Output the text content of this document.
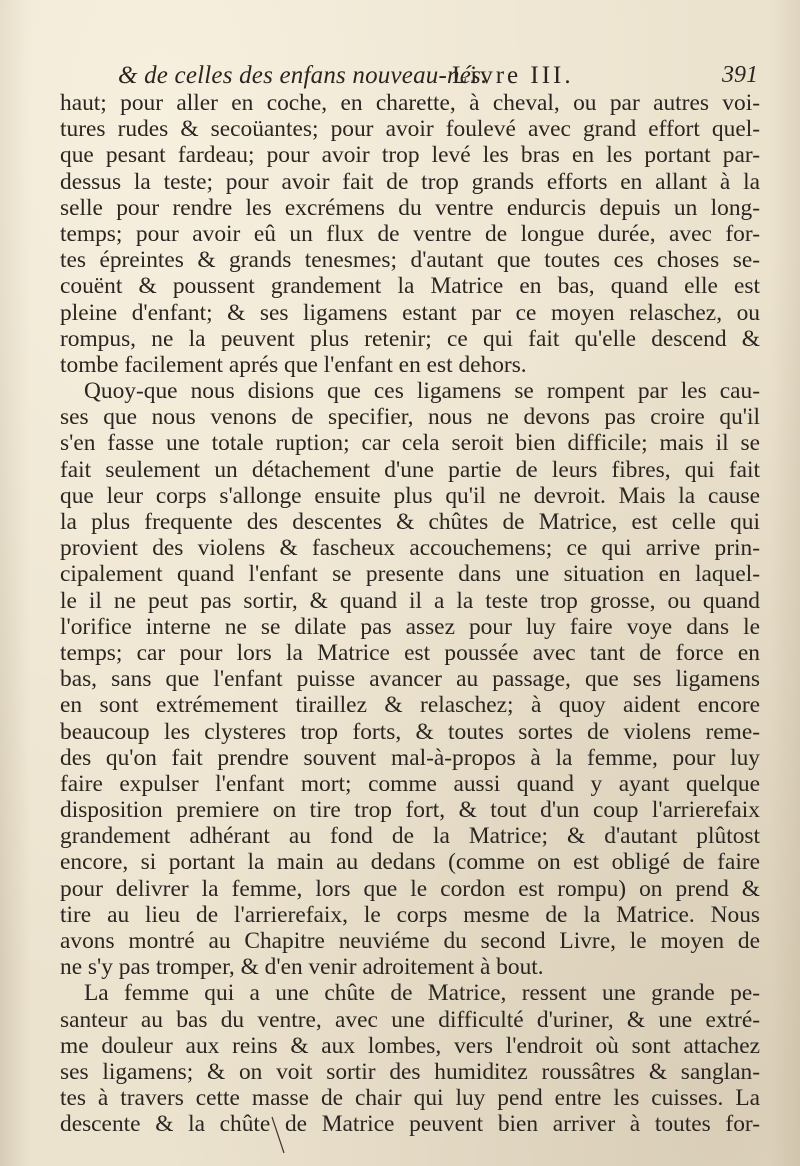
& de celles des enfans nouveau-nés.
Livre III.	391
haut; pour aller en coche, en charette, à cheval, ou par autres voi-
tures rudes & secoüantes; pour avoir foulevé avec grand effort quel-
que pesant fardeau; pour avoir trop levé les bras en les portant par-
dessus la teste; pour avoir fait de trop grands efforts en allant à la
selle pour rendre les excrémens du ventre endurcis depuis un long-
temps; pour avoir eû un flux de ventre de longue durée, avec for-
tes épreintes & grands tenesmes; d'autant que toutes ces choses se-
couënt & poussent grandement la Matrice en bas, quand elle est
pleine d'enfant; & ses ligamens estant par ce moyen relaschez, ou
rompus, ne la peuvent plus retenir; ce qui fait qu'elle descend &
tombe facilement aprés que l'enfant en est dehors.
Quoy-que nous disions que ces ligamens se rompent par les cau-
ses que nous venons de specifier, nous ne devons pas croire qu'il
s'en fasse une totale ruption; car cela seroit bien difficile; mais il se
fait seulement un détachement d'une partie de leurs fibres, qui fait
que leur corps s'allonge ensuite plus qu'il ne devroit. Mais la cause
la plus frequente des descentes & chûtes de Matrice, est celle qui
provient des violens & fascheux accouchemens; ce qui arrive prin-
cipalement quand l'enfant se presente dans une situation en laquel-
le il ne peut pas sortir, & quand il a la teste trop grosse, ou quand
l'orifice interne ne se dilate pas assez pour luy faire voye dans le
temps; car pour lors la Matrice est poussée avec tant de force en
bas, sans que l'enfant puisse avancer au passage, que ses ligamens
en sont extrémement tiraillez & relaschez; à quoy aident encore
beaucoup les clysteres trop forts, & toutes sortes de violens reme-
des qu'on fait prendre souvent mal-à-propos à la femme, pour luy
faire expulser l'enfant mort; comme aussi quand y ayant quelque
disposition premiere on tire trop fort, & tout d'un coup l'arrierefaix
grandement adhérant au fond de la Matrice; & d'autant plûtost
encore, si portant la main au dedans (comme on est obligé de faire
pour delivrer la femme, lors que le cordon est rompu) on prend &
tire au lieu de l'arrierefaix, le corps mesme de la Matrice. Nous
avons montré au Chapitre neuviéme du second Livre, le moyen de
ne s'y pas tromper, & d'en venir adroitement à bout.
La femme qui a une chûte de Matrice, ressent une grande pe-
santeur au bas du ventre, avec une difficulté d'uriner, & une extré-
me douleur aux reins & aux lombes, vers l'endroit où sont attachez
ses ligamens; & on voit sortir des humiditez roussâtres & sanglan-
tes à travers cette masse de chair qui luy pend entre les cuisses. La
descente & la chûte de Matrice peuvent bien arriver à toutes for-
